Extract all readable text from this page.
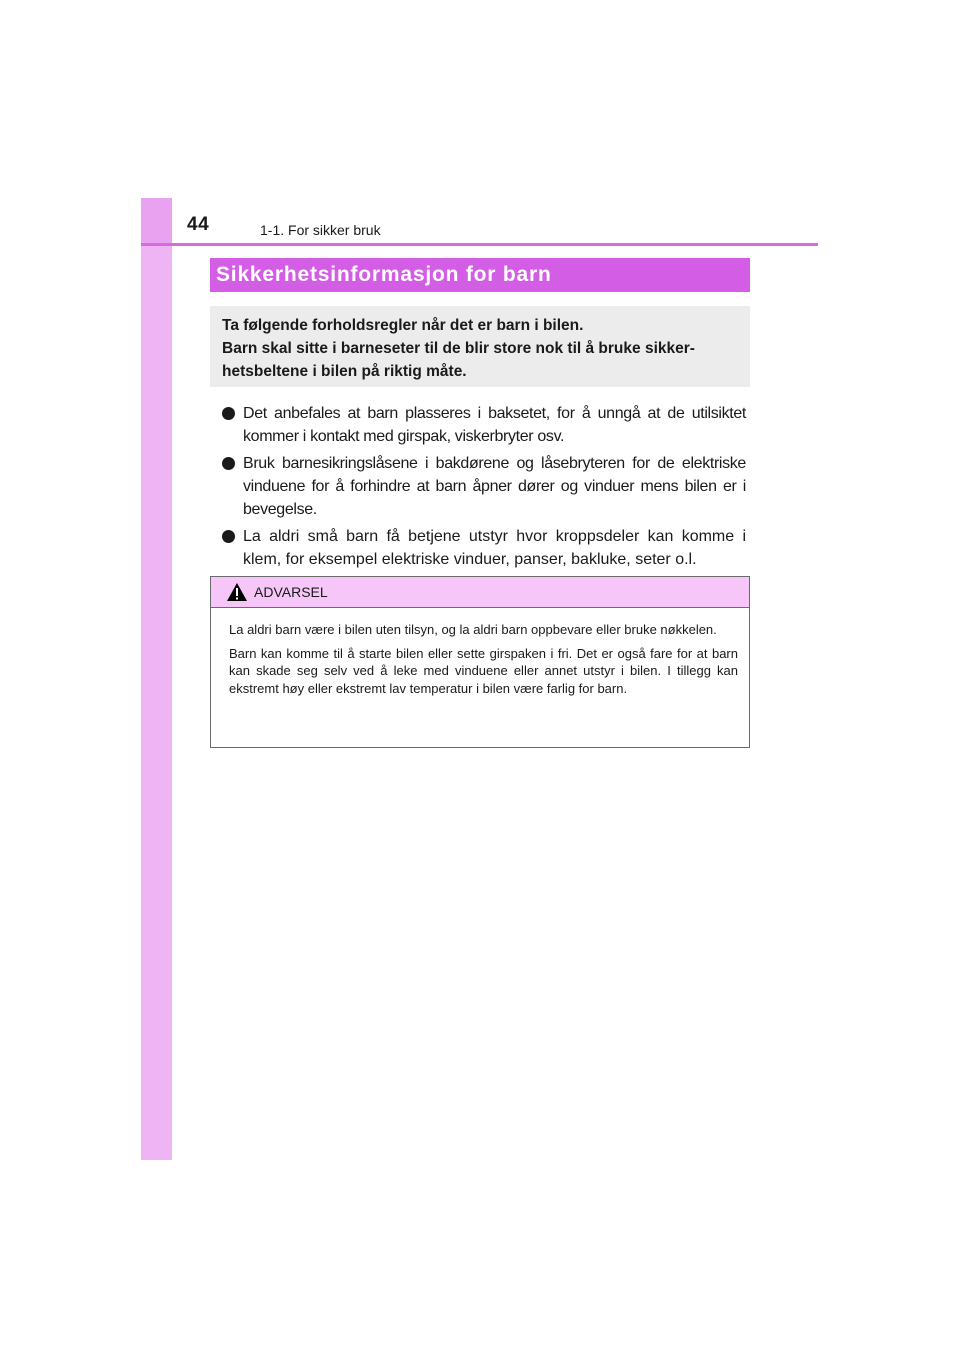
44	1-1. For sikker bruk
Sikkerhetsinformasjon for barn
Ta følgende forholdsregler når det er barn i bilen.
Barn skal sitte i barneseter til de blir store nok til å bruke sikker-
hetsbeltene i bilen på riktig måte.
Det anbefales at barn plasseres i baksetet, for å unngå at de utilsiktet kommer i kontakt med girspak, viskerbryter osv.
Bruk barnesikringslåsene i bakdørene og låsebryteren for de elektriske vinduene for å forhindre at barn åpner dører og vinduer mens bilen er i bevegelse.
La aldri små barn få betjene utstyr hvor kroppsdeler kan komme i klem, for eksempel elektriske vinduer, panser, bakluke, seter o.l.
ADVARSEL

La aldri barn være i bilen uten tilsyn, og la aldri barn oppbevare eller bruke nøkkelen.

Barn kan komme til å starte bilen eller sette girspaken i fri. Det er også fare for at barn kan skade seg selv ved å leke med vinduene eller annet utstyr i bilen. I tillegg kan ekstremt høy eller ekstremt lav temperatur i bilen være farlig for barn.
